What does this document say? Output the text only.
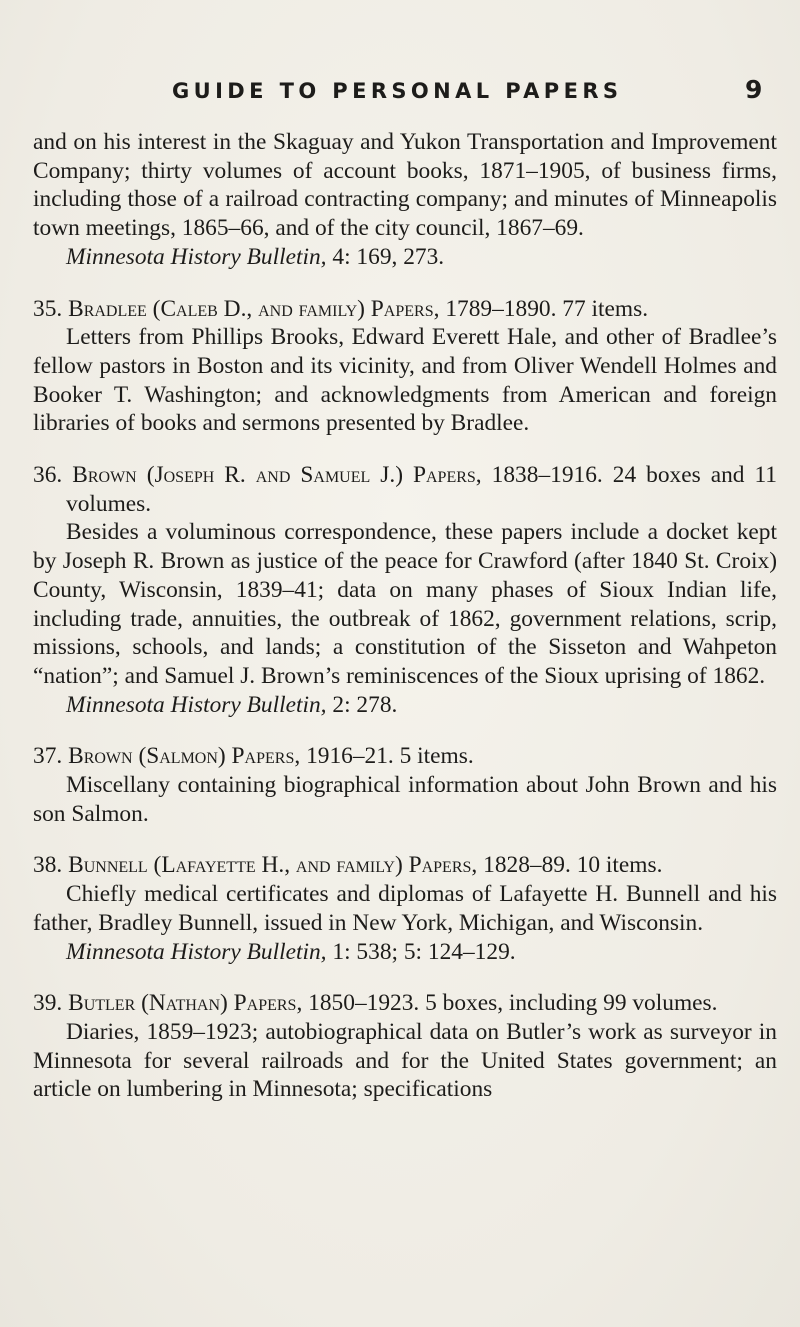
GUIDE TO PERSONAL PAPERS	9

and on his interest in the Skaguay and Yukon Transportation and Improvement Company; thirty volumes of account books, 1871–1905, of business firms, including those of a railroad contracting company; and minutes of Minneapolis town meetings, 1865–66, and of the city council, 1867–69.

Minnesota History Bulletin, 4: 169, 273.

35. Bradlee (Caleb D., and family) Papers, 1789–1890. 77 items.

Letters from Phillips Brooks, Edward Everett Hale, and other of Bradlee’s fellow pastors in Boston and its vicinity, and from Oliver Wendell Holmes and Booker T. Washington; and acknowledgments from American and foreign libraries of books and sermons presented by Bradlee.

36. Brown (Joseph R. and Samuel J.) Papers, 1838–1916. 24 boxes and 11 volumes.

Besides a voluminous correspondence, these papers include a docket kept by Joseph R. Brown as justice of the peace for Crawford (after 1840 St. Croix) County, Wisconsin, 1839–41; data on many phases of Sioux Indian life, including trade, annuities, the outbreak of 1862, government relations, scrip, missions, schools, and lands; a constitution of the Sisseton and Wahpeton “nation”; and Samuel J. Brown’s reminiscences of the Sioux uprising of 1862.

Minnesota History Bulletin, 2: 278.

37. Brown (Salmon) Papers, 1916–21. 5 items.

Miscellany containing biographical information about John Brown and his son Salmon.

38. Bunnell (Lafayette H., and family) Papers, 1828–89. 10 items.

Chiefly medical certificates and diplomas of Lafayette H. Bunnell and his father, Bradley Bunnell, issued in New York, Michigan, and Wisconsin.

Minnesota History Bulletin, 1: 538; 5: 124–129.

39. Butler (Nathan) Papers, 1850–1923. 5 boxes, including 99 volumes.

Diaries, 1859–1923; autobiographical data on Butler’s work as surveyor in Minnesota for several railroads and for the United States government; an article on lumbering in Minnesota; specifications
